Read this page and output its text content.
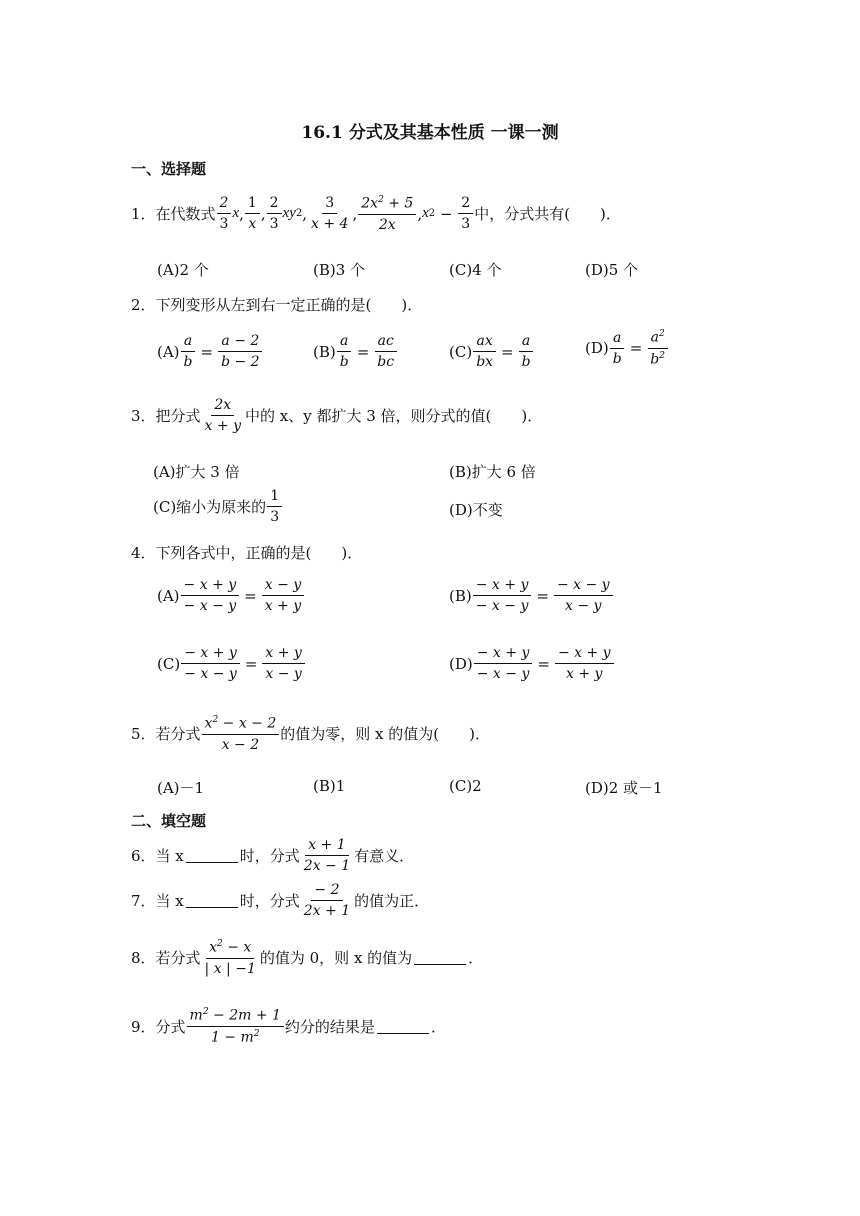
16.1 分式及其基本性质 一课一测
一、选择题
1．在代数式 $\frac{2}{3}$ x , $\frac{1}{x}$ , $\frac{2}{3}$ xy 2 , $\frac{3}{x + 4}$ , $\frac{2x^2 + 5}{2x}$ , x $2 - \frac{2}{3}$ 中，分式共有(　　)．
(A)2 个	(B)3 个	(C)4 个	(D)5 个
2．下列变形从左到右一定正确的是(　　)．
$(A) \frac{a}{b} = \frac{a - 2}{b - 2}$	$(B) \frac{a}{b} = \frac{ac}{bc}$	$(C) \frac{ax}{bx} = \frac{a}{b}$	$(D) \frac{a}{b} = \frac{a^2}{b^2}$
3．把分式 $\frac{2x}{x + y}$ 中的 x、y 都扩大 3 倍，则分式的值(　　)．
(A)扩大 3 倍	(B)扩大 6 倍
(C)缩小为原来的 $\frac{1}{3}$	(D)不变
4．下列各式中，正确的是(　　)．
$(A) \frac{- x + y}{- x - y} = \frac{x - y}{x + y}$	$(B) \frac{- x + y}{- x - y} = \frac{- x - y}{x - y}$
$(C) \frac{- x + y}{- x - y} = \frac{x + y}{x - y}$	$(D) \frac{- x + y}{- x - y} = \frac{- x + y}{x + y}$
5．若分式 $\frac{x^2 - x - 2}{x - 2}$ 的值为零，则 x 的值为(　　)．
(A)－1	(B)1	(C)2	(D)2 或－1
二、填空题
6．当 x	时，分式 $\frac{x + 1}{2x - 1}$ 有意义．
7．当 x	时，分式 $\frac{- 2}{2x + 1}$ 的值为正．
8．若分式 $\frac{x^2 - x}{| x | -1}$ 的值为 0，则 x 的值为	．
9．分式 $\frac{m^2 - 2m + 1}{1 - m^2}$ 约分的结果是	．
